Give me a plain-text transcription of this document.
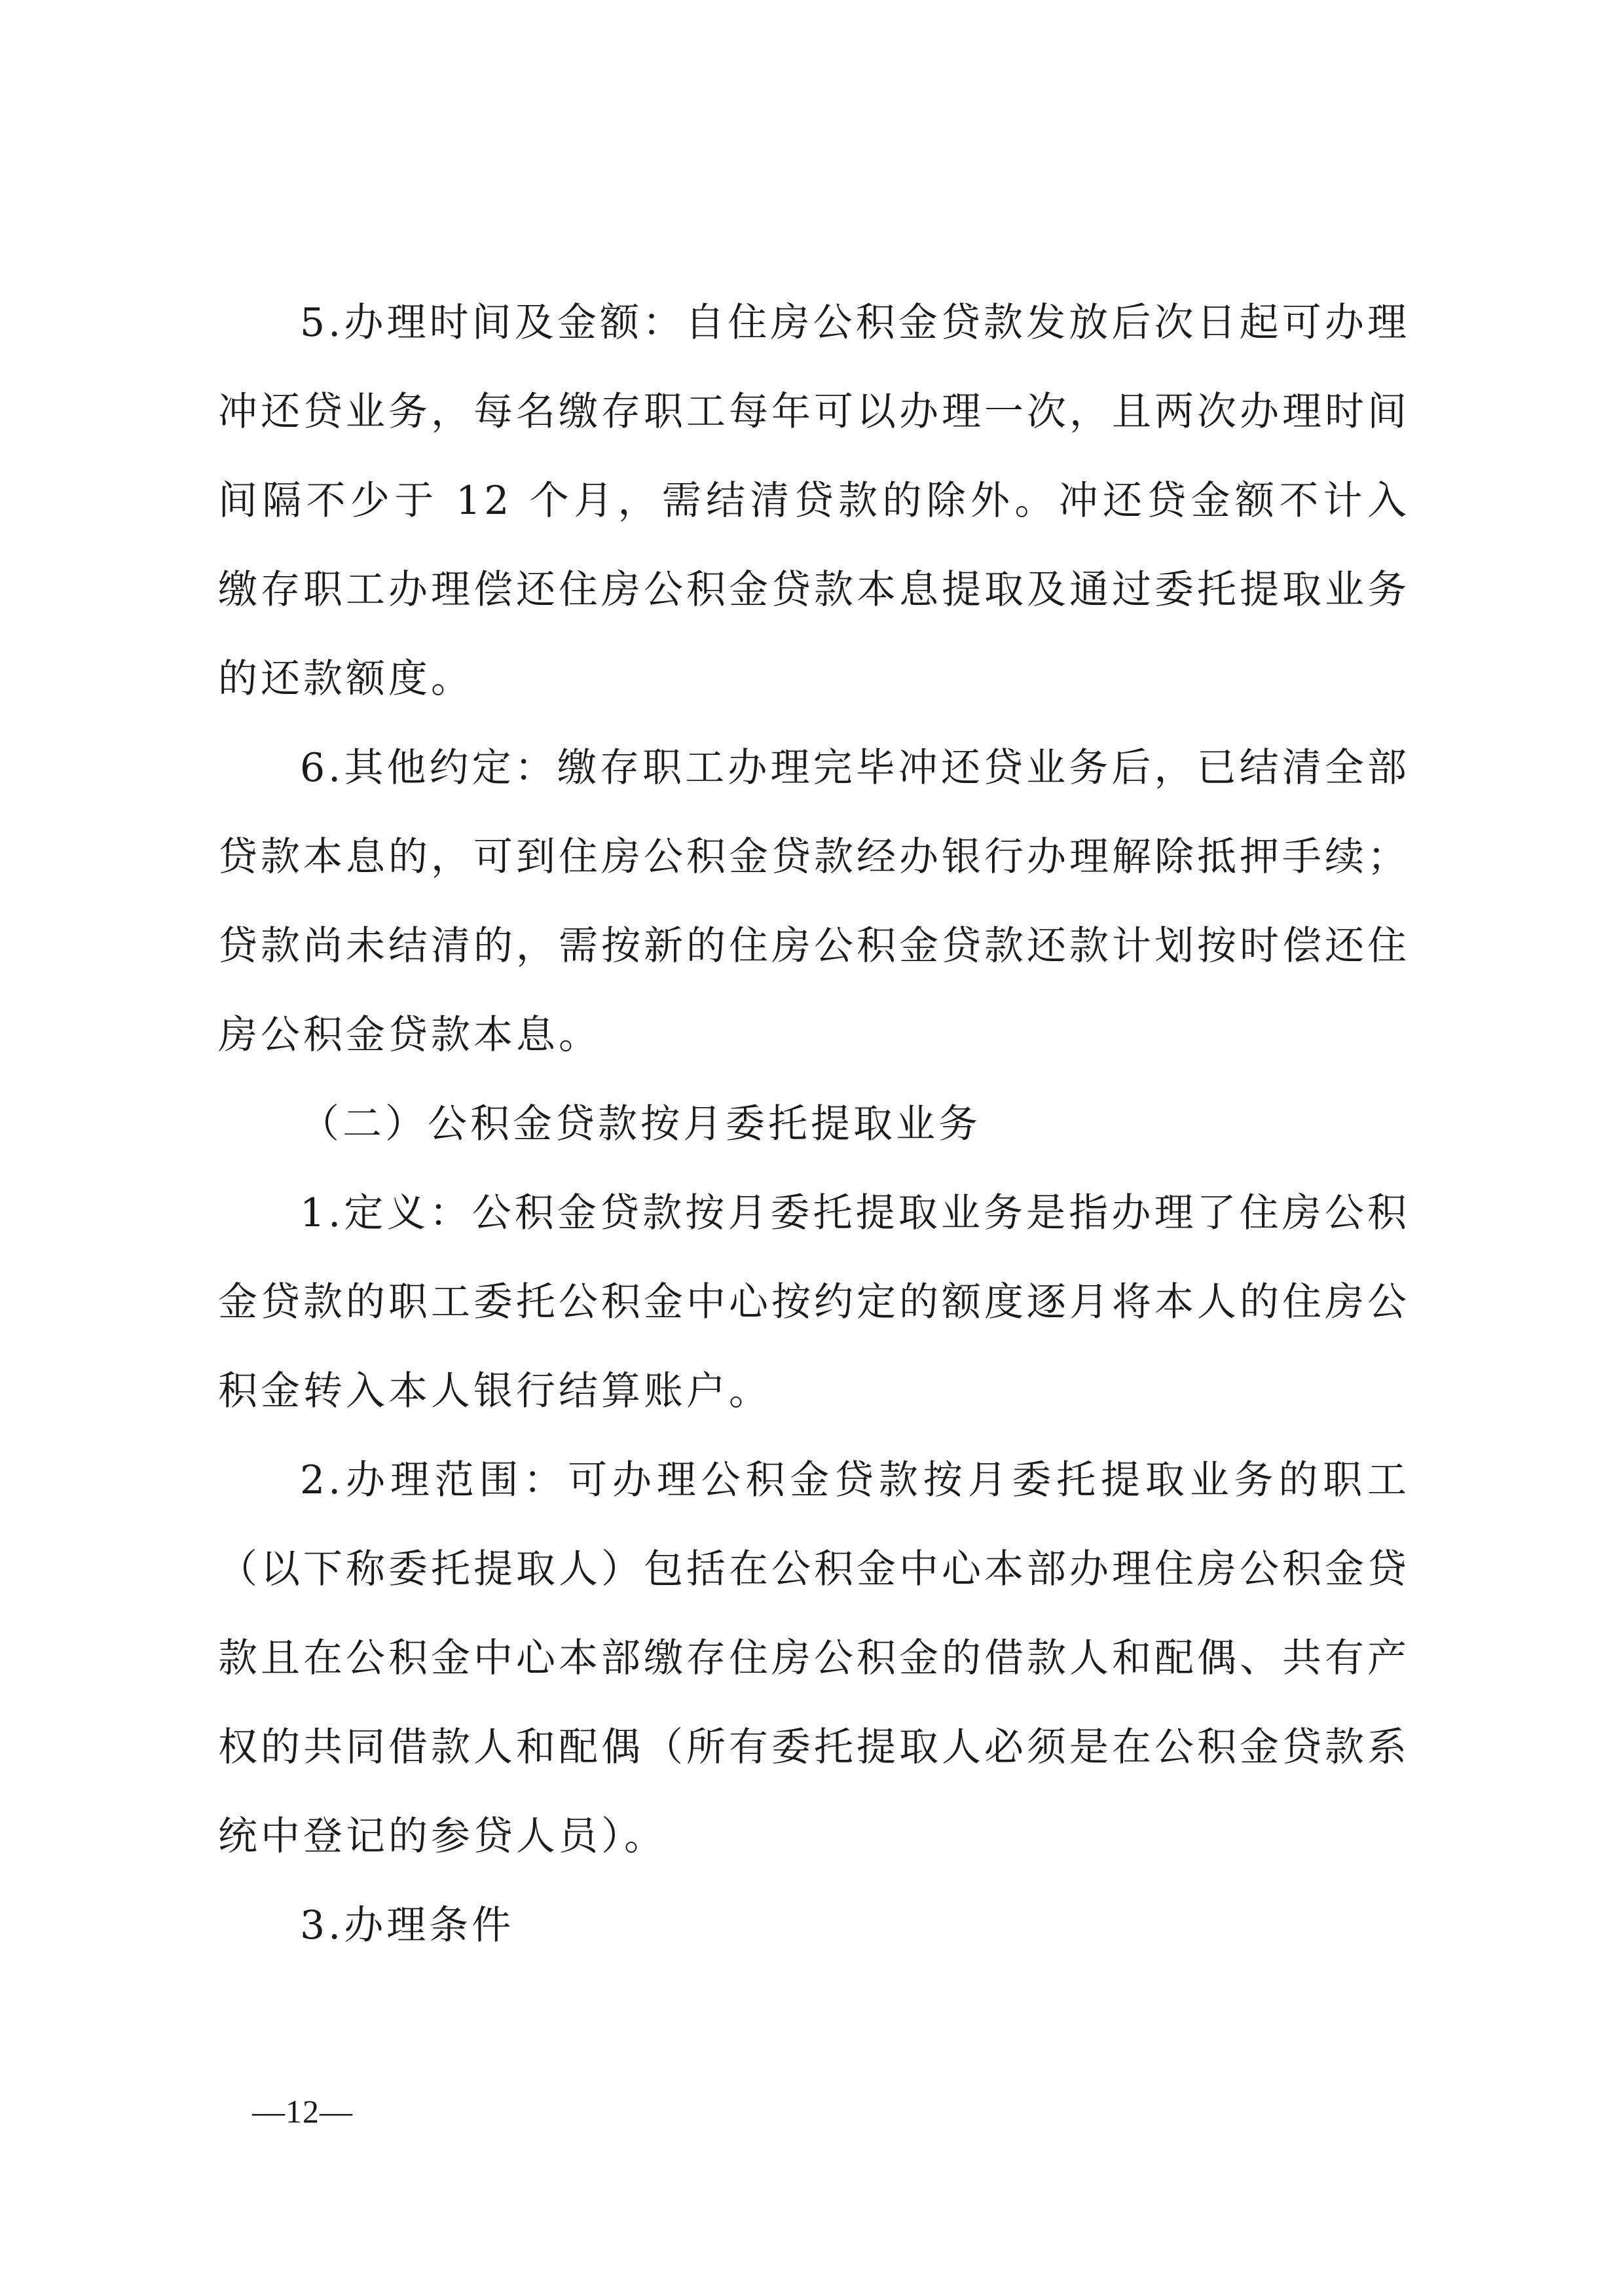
5.办理时间及金额：自住房公积金贷款发放后次日起可办理冲还贷业务，每名缴存职工每年可以办理一次，且两次办理时间间隔不少于 12 个月，需结清贷款的除外。冲还贷金额不计入缴存职工办理偿还住房公积金贷款本息提取及通过委托提取业务的还款额度。

6.其他约定：缴存职工办理完毕冲还贷业务后，已结清全部贷款本息的，可到住房公积金贷款经办银行办理解除抵押手续；贷款尚未结清的，需按新的住房公积金贷款还款计划按时偿还住房公积金贷款本息。

（二）公积金贷款按月委托提取业务

1.定义：公积金贷款按月委托提取业务是指办理了住房公积金贷款的职工委托公积金中心按约定的额度逐月将本人的住房公积金转入本人银行结算账户。

2.办理范围：可办理公积金贷款按月委托提取业务的职工（以下称委托提取人）包括在公积金中心本部办理住房公积金贷款且在公积金中心本部缴存住房公积金的借款人和配偶、共有产权的共同借款人和配偶（所有委托提取人必须是在公积金贷款系统中登记的参贷人员）。

3.办理条件

—12—
